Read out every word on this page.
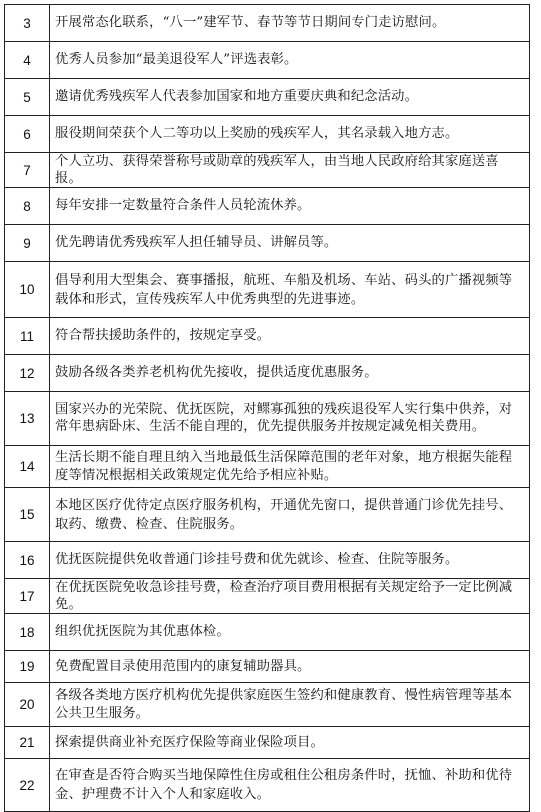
3	开展常态化联系，“八一”建军节、春节等节日期间专门走访慰问。
4	优秀人员参加“最美退役军人”评选表彰。
5	邀请优秀残疾军人代表参加国家和地方重要庆典和纪念活动。
6	服役期间荣获个人二等功以上奖励的残疾军人，其名录载入地方志。
7	个人立功、获得荣誉称号或勋章的残疾军人，由当地人民政府给其家庭送喜报。
8	每年安排一定数量符合条件人员轮流休养。
9	优先聘请优秀残疾军人担任辅导员、讲解员等。
10	倡导利用大型集会、赛事播报，航班、车船及机场、车站、码头的广播视频等载体和形式，宣传残疾军人中优秀典型的先进事迹。
11	符合帮扶援助条件的，按规定享受。
12	鼓励各级各类养老机构优先接收，提供适度优惠服务。
13	国家兴办的光荣院、优抚医院，对鳏寡孤独的残疾退役军人实行集中供养，对常年患病卧床、生活不能自理的，优先提供服务并按规定减免相关费用。
14	生活长期不能自理且纳入当地最低生活保障范围的老年对象，地方根据失能程度等情况根据相关政策规定优先给予相应补贴。
15	本地区医疗优待定点医疗服务机构，开通优先窗口，提供普通门诊优先挂号、取药、缴费、检查、住院服务。
16	优抚医院提供免收普通门诊挂号费和优先就诊、检查、住院等服务。
17	在优抚医院免收急诊挂号费，检查治疗项目费用根据有关规定给予一定比例减免。
18	组织优抚医院为其优惠体检。
19	免费配置目录使用范围内的康复辅助器具。
20	各级各类地方医疗机构优先提供家庭医生签约和健康教育、慢性病管理等基本公共卫生服务。
21	探索提供商业补充医疗保险等商业保险项目。
22	在审查是否符合购买当地保障性住房或租住公租房条件时，抚恤、补助和优待金、护理费不计入个人和家庭收入。
